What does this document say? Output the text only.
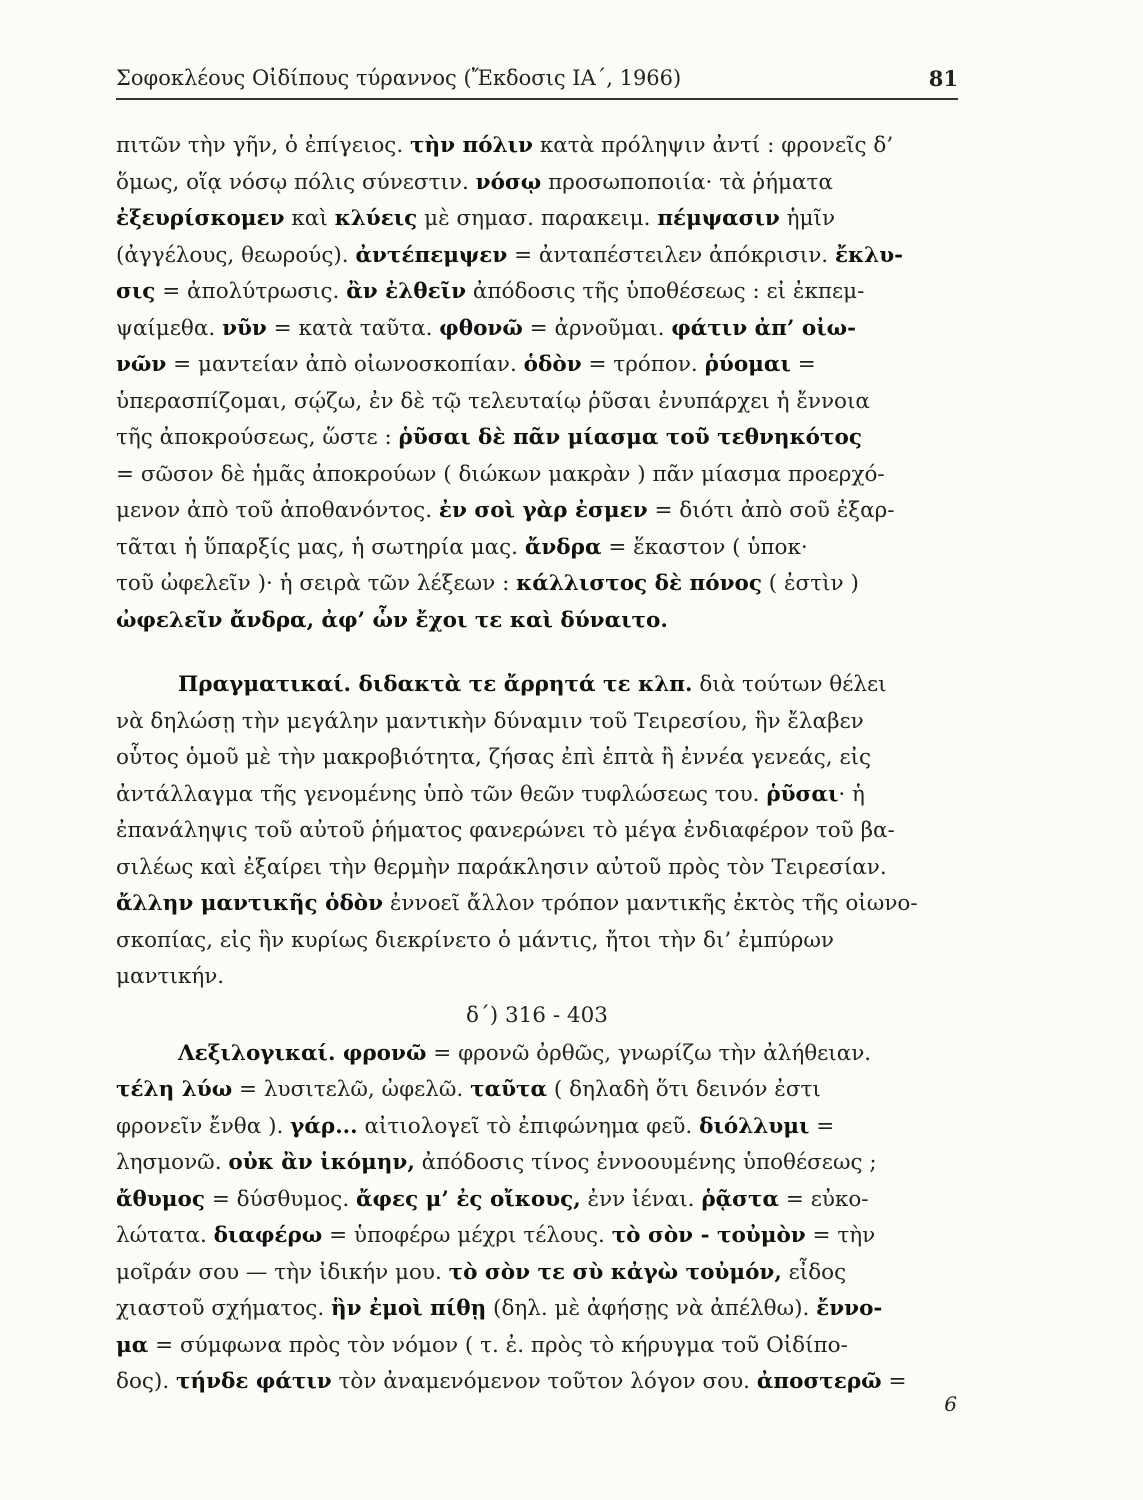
Σοφοκλέους Οἰδίπους τύραννος (Ἔκδοσις ΙΑ΄, 1966)	81
πιτῶν τὴν γῆν, ὁ ἐπίγειος. τὴν πόλιν κατὰ πρόληψιν ἀντί : φρονεῖς δ’
ὅμως, οἵᾳ νόσῳ πόλις σύνεστιν. νόσῳ προσωποποιία· τὰ ῥήματα
ἐξευρίσκομεν καὶ κλύεις μὲ σημασ. παρακειμ. πέμψασιν ἡμῖν
(ἀγγέλους, θεωρούς). ἀντέπεμψεν = ἀνταπέστειλεν ἀπόκρισιν. ἔκλυ-
σις = ἀπολύτρωσις. ἂν ἐλθεῖν ἀπόδοσις τῆς ὑποθέσεως : εἰ ἐκπεμ-
ψαίμεθα. νῦν = κατὰ ταῦτα. φθονῶ = ἀρνοῦμαι. φάτιν ἀπ’ οἰω-
νῶν = μαντείαν ἀπὸ οἰωνοσκοπίαν. ὁδὸν = τρόπον. ῥύομαι =
ὑπερασπίζομαι, σῴζω, ἐν δὲ τῷ τελευταίῳ ῥῦσαι ἐνυπάρχει ἡ ἔννοια
τῆς ἀποκρούσεως, ὥστε : ῥῦσαι δὲ πᾶν μίασμα τοῦ τεθνηκότος
= σῶσον δὲ ἡμᾶς ἀποκρούων ( διώκων μακρὰν ) πᾶν μίασμα προερχό-
μενον ἀπὸ τοῦ ἀποθανόντος. ἐν σοὶ γὰρ ἐσμεν = διότι ἀπὸ σοῦ ἐξαρ-
τᾶται ἡ ὕπαρξίς μας, ἡ σωτηρία μας. ἄνδρα = ἕκαστον ( ὑποκ·
τοῦ ὠφελεῖν )· ἡ σειρὰ τῶν λέξεων : κάλλιστος δὲ πόνος ( ἐστὶν )
ὠφελεῖν ἄνδρα, ἀφ’ ὧν ἔχοι τε καὶ δύναιτο.
Πραγματικαί. διδακτὰ τε ἄρρητά τε κλπ. διὰ τούτων θέλει
νὰ δηλώσῃ τὴν μεγάλην μαντικὴν δύναμιν τοῦ Τειρεσίου, ἣν ἔλαβεν
οὗτος ὁμοῦ μὲ τὴν μακροβιότητα, ζήσας ἐπὶ ἑπτὰ ἢ ἐννέα γενεάς, εἰς
ἀντάλλαγμα τῆς γενομένης ὑπὸ τῶν θεῶν τυφλώσεως του. ῥῦσαι· ἡ
ἐπανάληψις τοῦ αὐτοῦ ῥήματος φανερώνει τὸ μέγα ἐνδιαφέρον τοῦ βα-
σιλέως καὶ ἐξαίρει τὴν θερμὴν παράκλησιν αὐτοῦ πρὸς τὸν Τειρεσίαν.
ἄλλην μαντικῆς ὁδὸν ἐννοεῖ ἄλλον τρόπον μαντικῆς ἐκτὸς τῆς οἰωνο-
σκοπίας, εἰς ἣν κυρίως διεκρίνετο ὁ μάντις, ἤτοι τὴν δι’ ἐμπύρων
μαντικήν.
δ΄) 316 - 403
Λεξιλογικαί. φρονῶ = φρονῶ ὀρθῶς, γνωρίζω τὴν ἀλήθειαν.
τέλη λύω = λυσιτελῶ, ὠφελῶ. ταῦτα ( δηλαδὴ ὅτι δεινόν ἐστι
φρονεῖν ἔνθα ). γάρ... αἰτιολογεῖ τὸ ἐπιφώνημα φεῦ. διόλλυμι =
λησμονῶ. οὐκ ἂν ἱκόμην, ἀπόδοσις τίνος ἐννοουμένης ὑποθέσεως ;
ἄθυμος = δύσθυμος. ἄφες μ’ ἐς οἴκους, ἐνν ἰέναι. ῥᾷστα = εὐκο-
λώτατα. διαφέρω = ὑποφέρω μέχρι τέλους. τὸ σὸν - τοὐμὸν = τὴν
μοῖράν σου — τὴν ἰδικήν μου. τὸ σὸν τε σὺ κἀγὼ τοὐμόν, εἶδος
χιαστοῦ σχήματος. ἣν ἐμοὶ πίθῃ (δηλ. μὲ ἀφήσῃς νὰ ἀπέλθω). ἔννο-
μα = σύμφωνα πρὸς τὸν νόμον ( τ. ἐ. πρὸς τὸ κήρυγμα τοῦ Οἰδίπο-
δος). τήνδε φάτιν τὸν ἀναμενόμενον τοῦτον λόγον σου. ἀποστερῶ =
6
